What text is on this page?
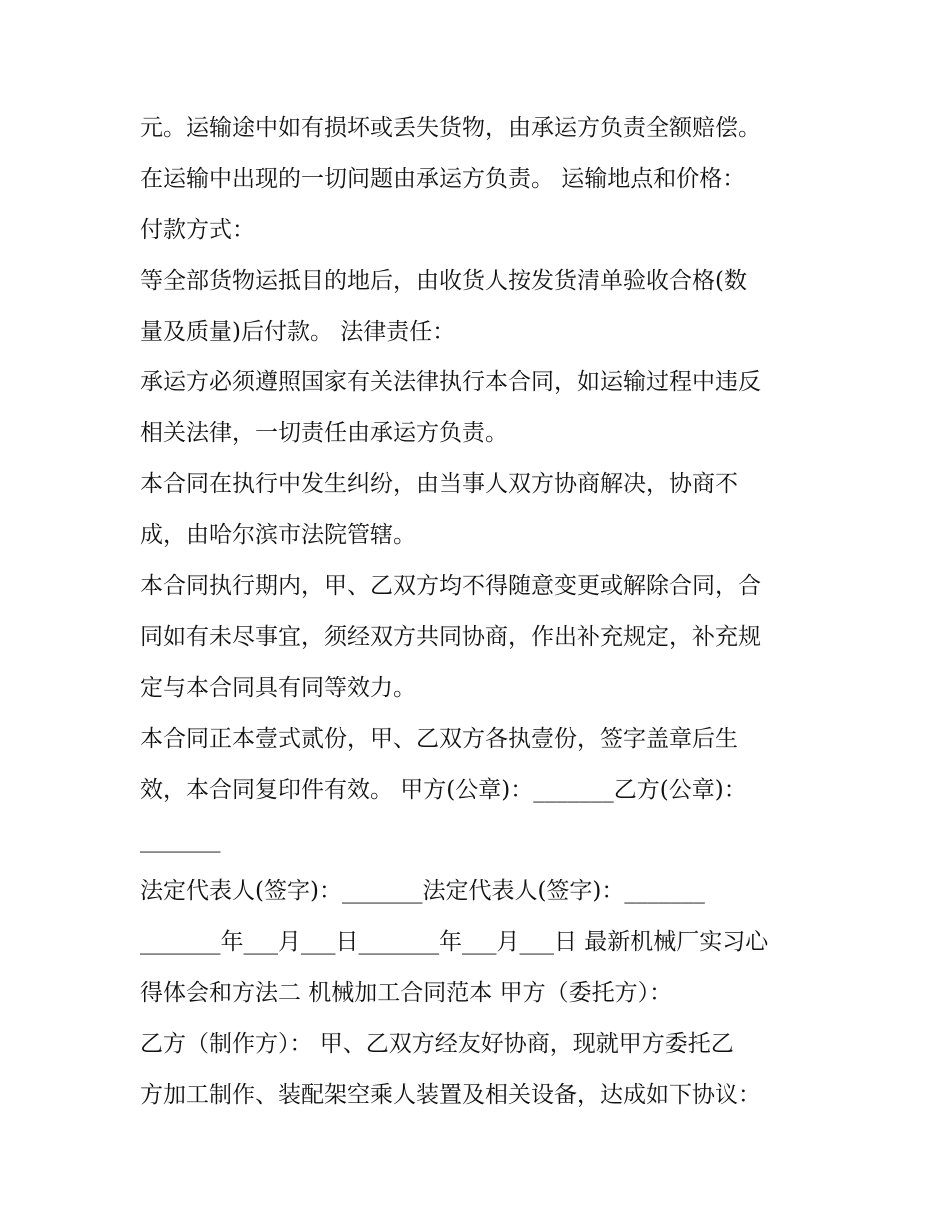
元。运输途中如有损坏或丢失货物，由承运方负责全额赔偿。
在运输中出现的一切问题由承运方负责。 运输地点和价格：
付款方式：
等全部货物运抵目的地后，由收货人按发货清单验收合格(数
量及质量)后付款。 法律责任：
承运方必须遵照国家有关法律执行本合同，如运输过程中违反
相关法律，一切责任由承运方负责。
本合同在执行中发生纠纷，由当事人双方协商解决，协商不
成，由哈尔滨市法院管辖。
本合同执行期内，甲、乙双方均不得随意变更或解除合同，合
同如有未尽事宜，须经双方共同协商，作出补充规定，补充规
定与本合同具有同等效力。
本合同正本壹式贰份，甲、乙双方各执壹份，签字盖章后生
效，本合同复印件有效。 甲方(公章)：_______乙方(公章)：
_______
法定代表人(签字)：_______法定代表人(签字)：_______
_______年___月___日_______年___月___日 最新机械厂实习心
得体会和方法二 机械加工合同范本 甲方（委托方）：
乙方（制作方）： 甲、乙双方经友好协商，现就甲方委托乙
方加工制作、装配架空乘人装置及相关设备，达成如下协议：
